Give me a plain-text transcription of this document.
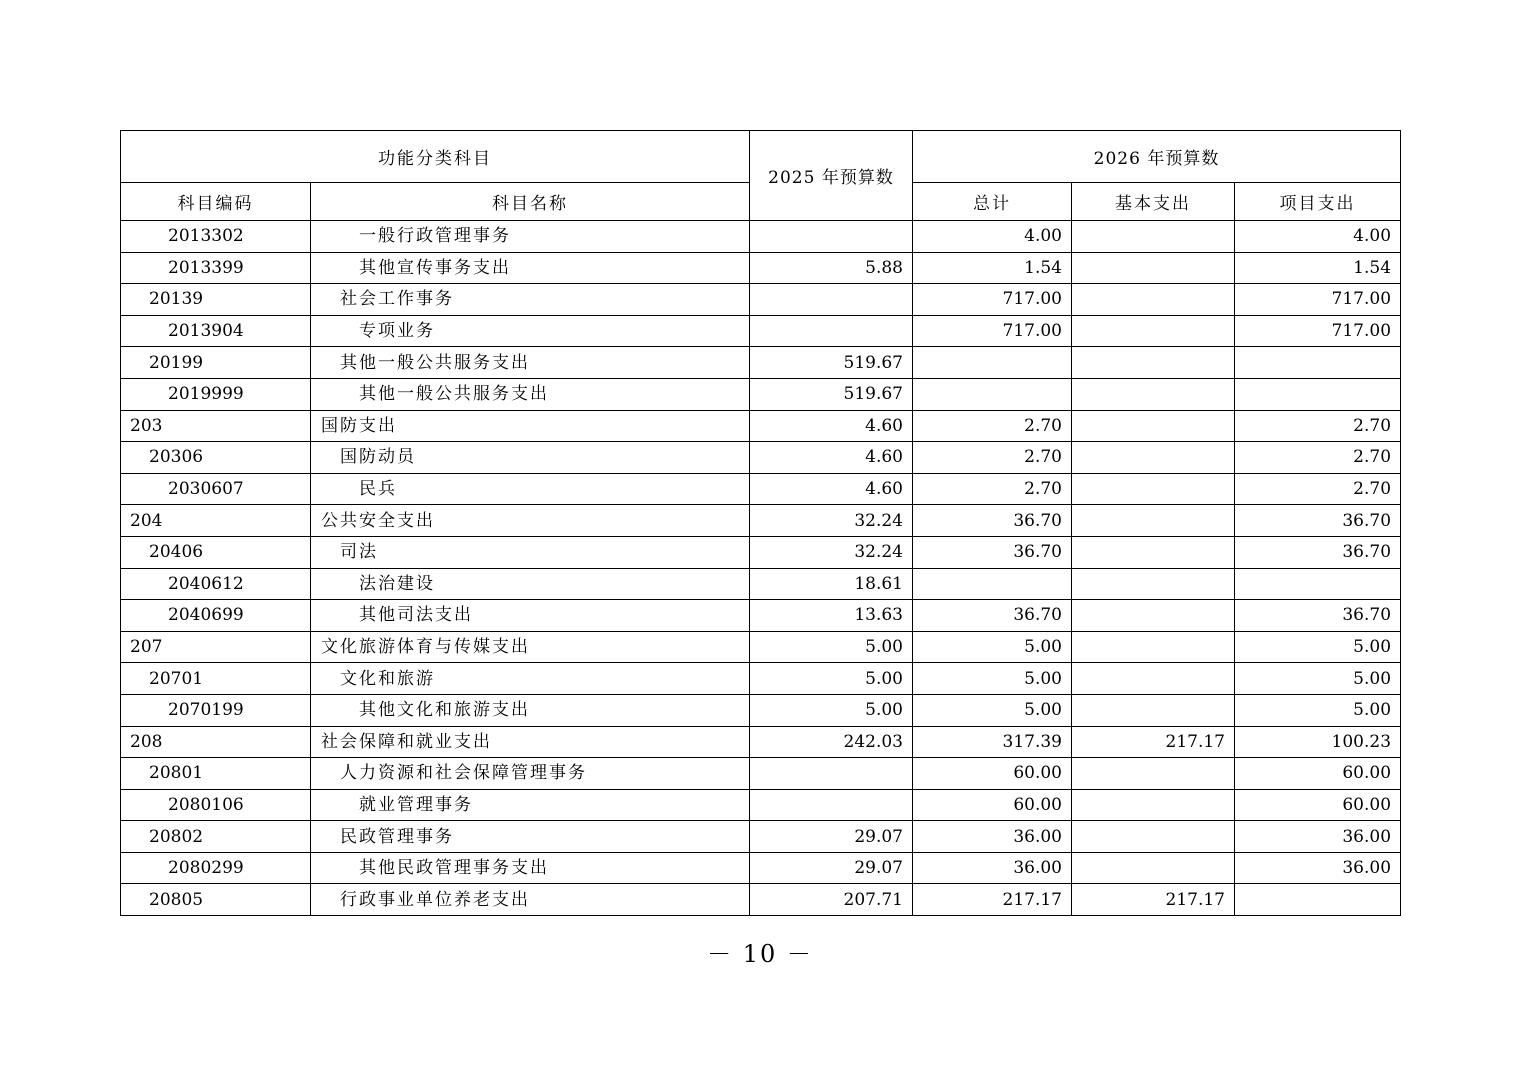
功能分类科目		2025 年预算数	2026 年预算数		
科目编码	科目名称		总计	基本支出	项目支出
2013302	一般行政管理事务		4.00		4.00
2013399	其他宣传事务支出	5.88	1.54		1.54
20139	社会工作事务		717.00		717.00
2013904	专项业务		717.00		717.00
20199	其他一般公共服务支出	519.67			
2019999	其他一般公共服务支出	519.67			
203	国防支出	4.60	2.70		2.70
20306	国防动员	4.60	2.70		2.70
2030607	民兵	4.60	2.70		2.70
204	公共安全支出	32.24	36.70		36.70
20406	司法	32.24	36.70		36.70
2040612	法治建设	18.61			
2040699	其他司法支出	13.63	36.70		36.70
207	文化旅游体育与传媒支出	5.00	5.00		5.00
20701	文化和旅游	5.00	5.00		5.00
2070199	其他文化和旅游支出	5.00	5.00		5.00
208	社会保障和就业支出	242.03	317.39	217.17	100.23
20801	人力资源和社会保障管理事务		60.00		60.00
2080106	就业管理事务		60.00		60.00
20802	民政管理事务	29.07	36.00		36.00
2080299	其他民政管理事务支出	29.07	36.00		36.00
20805	行政事业单位养老支出	207.71	217.17	217.17	
－ 10 －
